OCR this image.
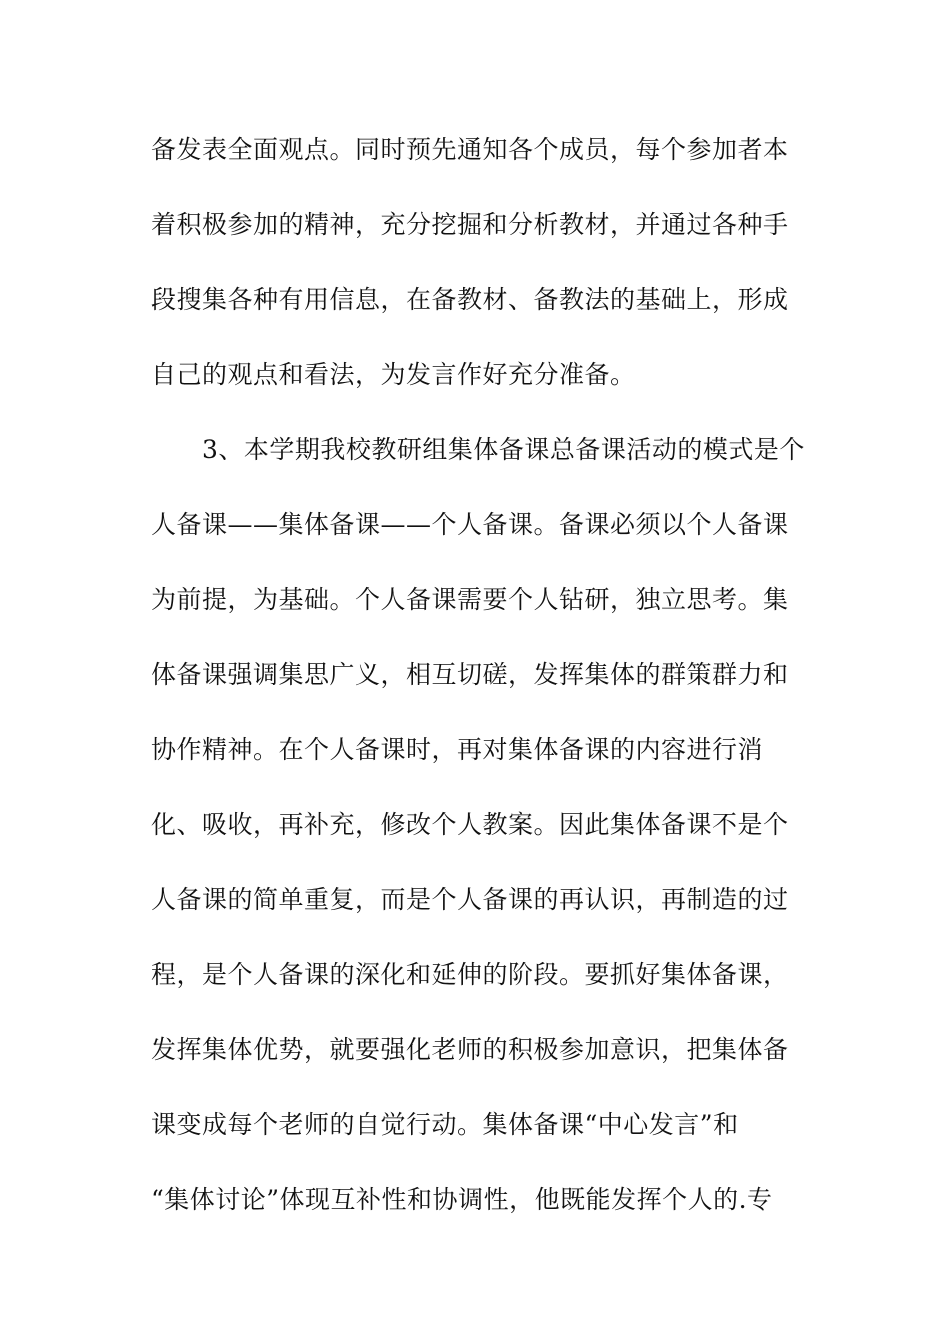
备发表全面观点。同时预先通知各个成员，每个参加者本
着积极参加的精神，充分挖掘和分析教材，并通过各种手
段搜集各种有用信息，在备教材、备教法的基础上，形成
自己的观点和看法，为发言作好充分准备。
3、本学期我校教研组集体备课总备课活动的模式是个
人备课——集体备课——个人备课。备课必须以个人备课
为前提，为基础。个人备课需要个人钻研，独立思考。集
体备课强调集思广义，相互切磋，发挥集体的群策群力和
协作精神。在个人备课时，再对集体备课的内容进行消
化、吸收，再补充，修改个人教案。因此集体备课不是个
人备课的简单重复，而是个人备课的再认识，再制造的过
程，是个人备课的深化和延伸的阶段。要抓好集体备课，
发挥集体优势，就要强化老师的积极参加意识，把集体备
课变成每个老师的自觉行动。集体备课“中心发言”和
“集体讨论”体现互补性和协调性，他既能发挥个人的.专
